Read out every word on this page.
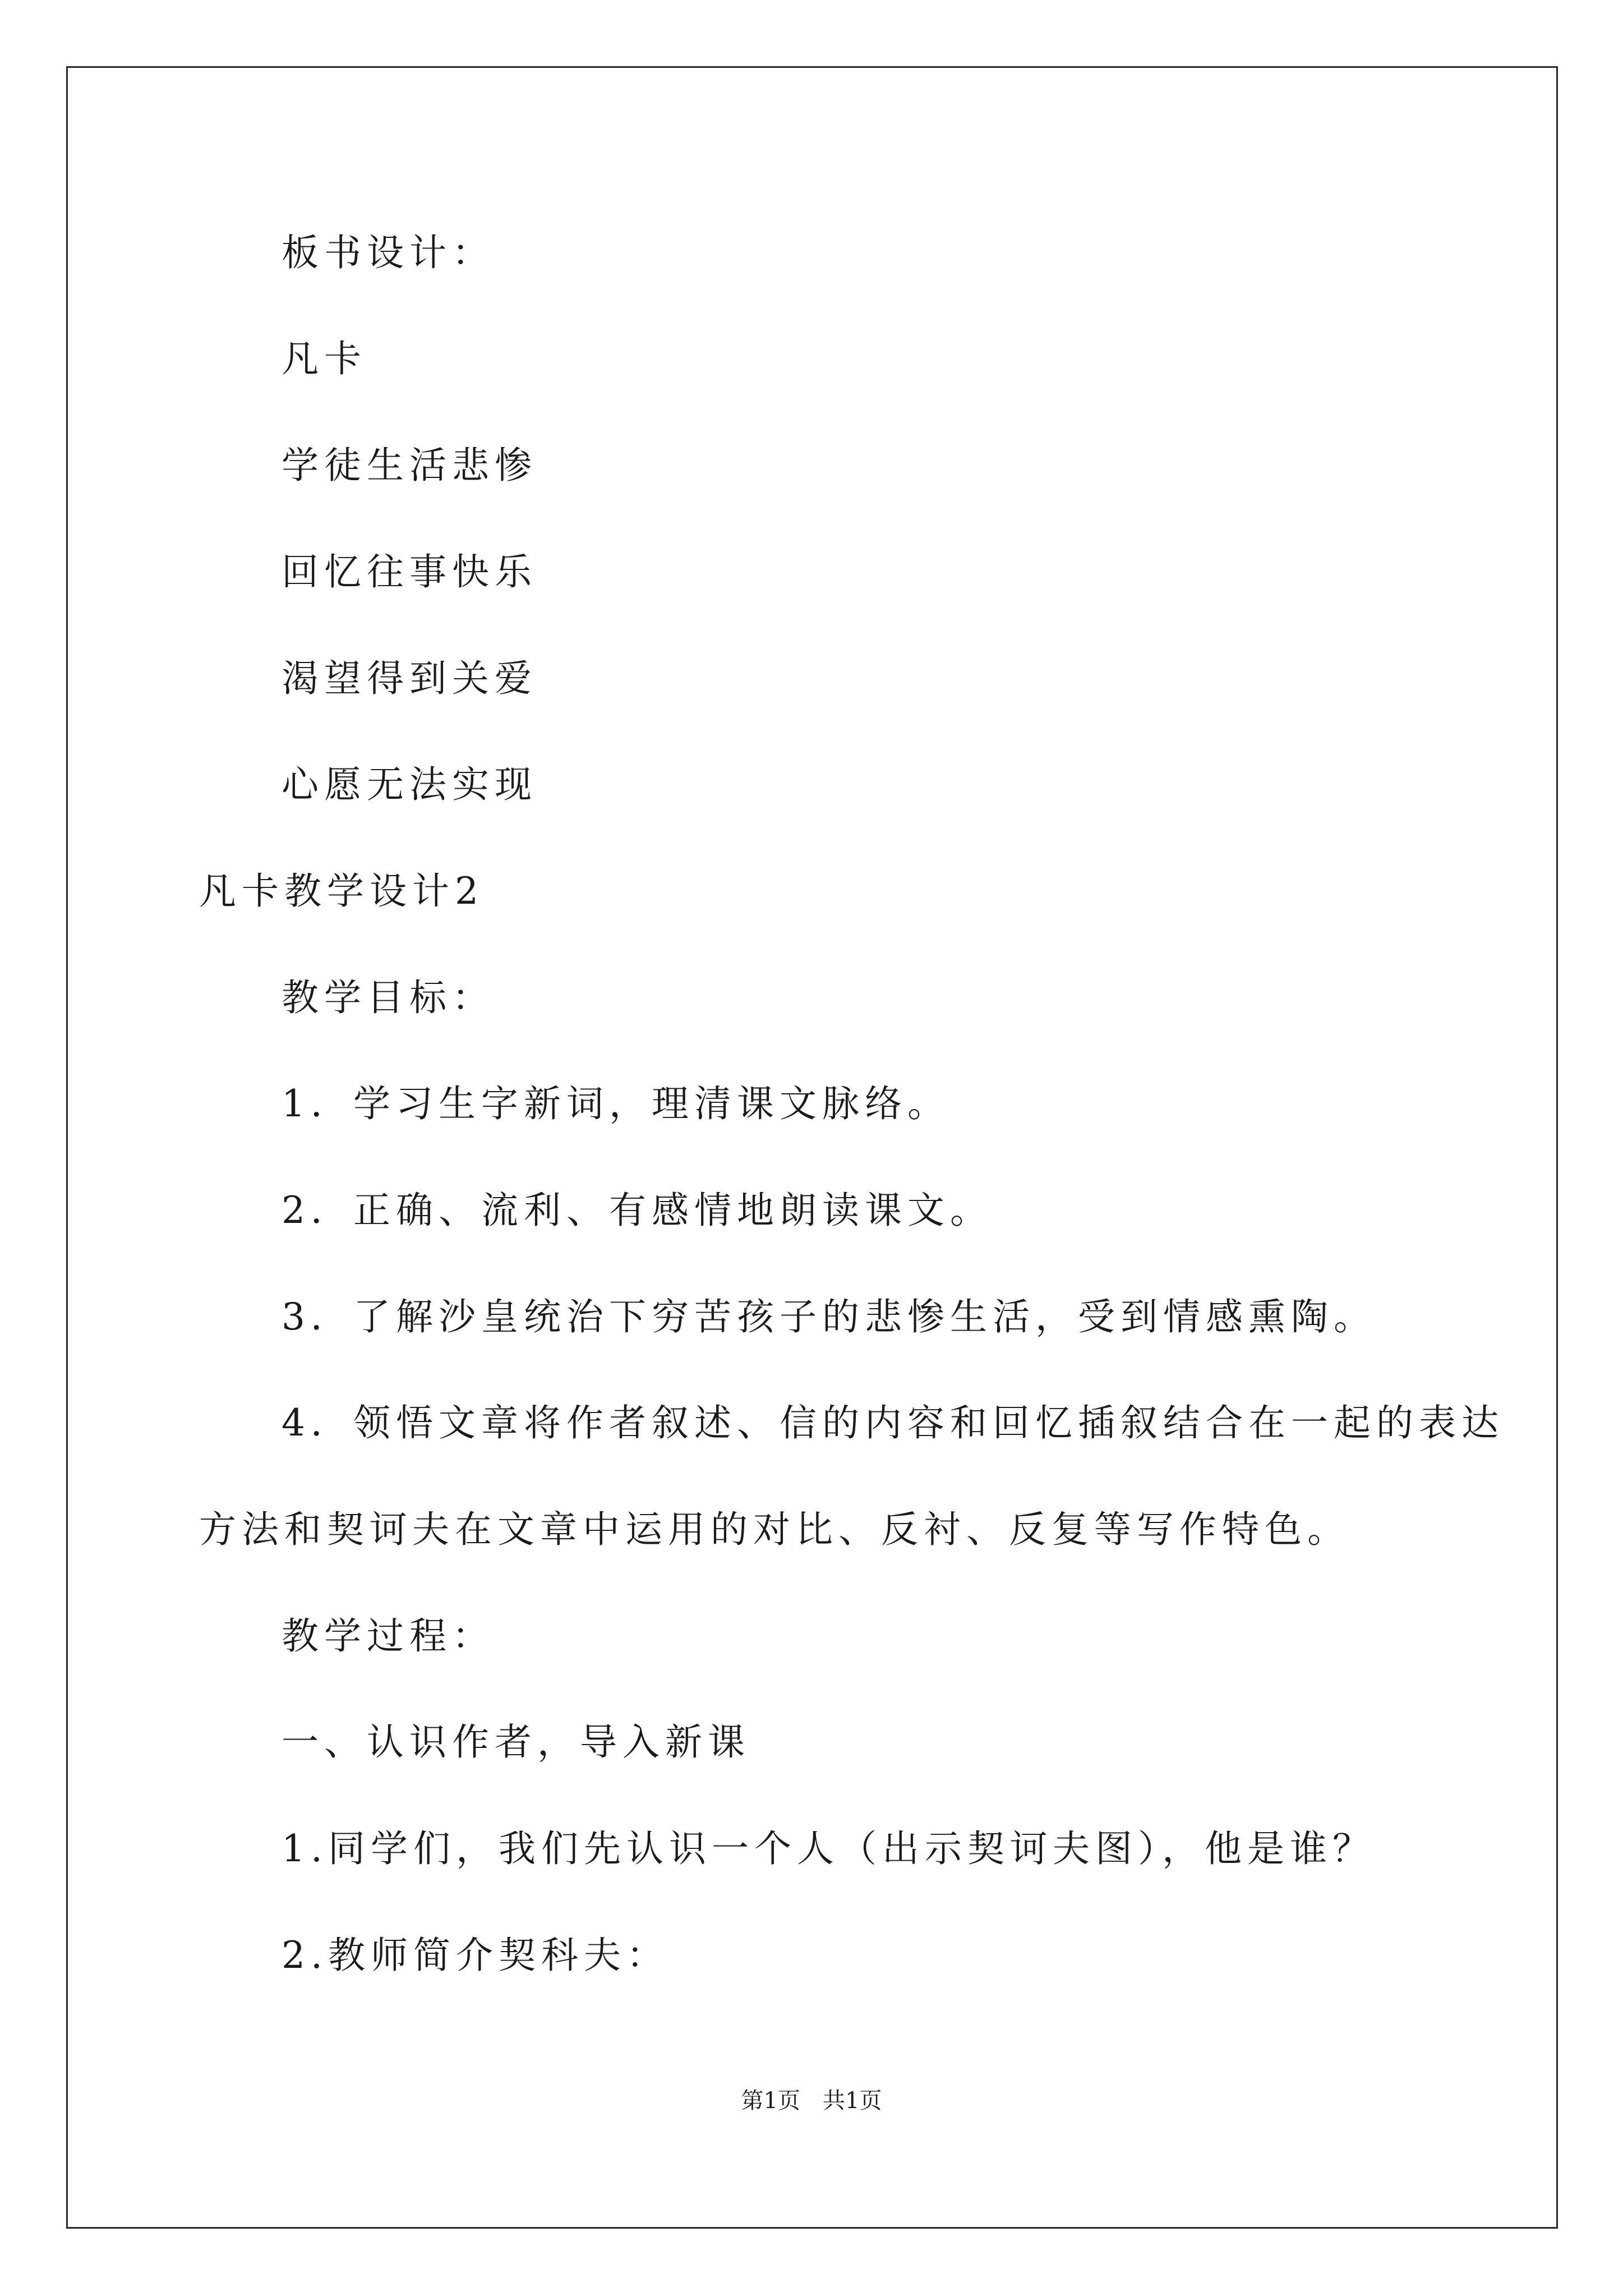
板书设计：
凡卡
学徒生活悲惨
回忆往事快乐
渴望得到关爱
心愿无法实现
凡卡教学设计2
教学目标：
1．学习生字新词，理清课文脉络。
2．正确、流利、有感情地朗读课文。
3．了解沙皇统治下穷苦孩子的悲惨生活，受到情感熏陶。
4．领悟文章将作者叙述、信的内容和回忆插叙结合在一起的表达
方法和契诃夫在文章中运用的对比、反衬、反复等写作特色。
教学过程：
一、认识作者，导入新课
1.同学们，我们先认识一个人（出示契诃夫图），他是谁？
2.教师简介契科夫：
第1页　共1页
